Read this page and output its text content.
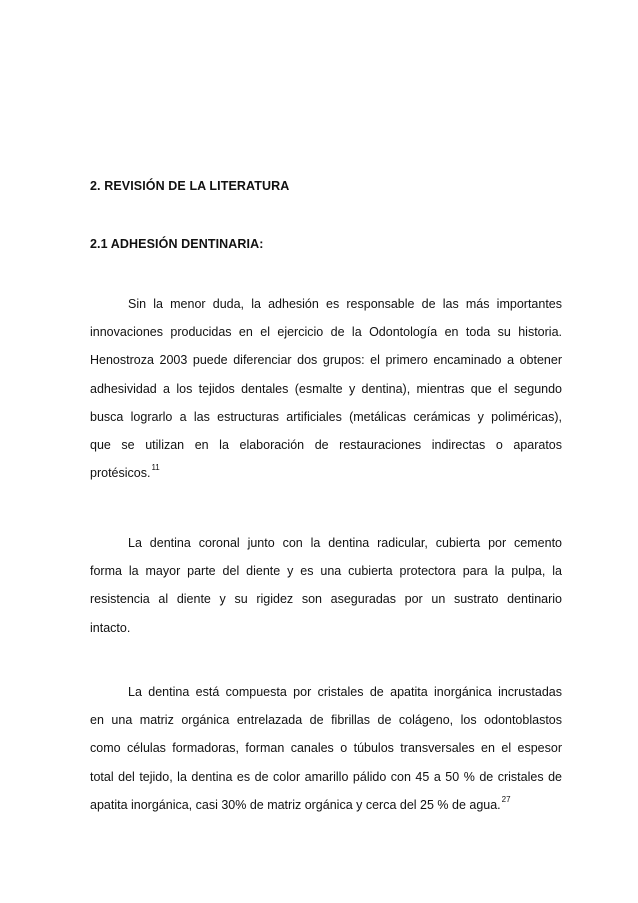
2. REVISIÓN DE LA LITERATURA
2.1 ADHESIÓN DENTINARIA:
Sin la menor duda, la adhesión es responsable de las más importantes
innovaciones producidas en el ejercicio de la Odontología en toda su historia.
Henostroza 2003 puede diferenciar dos grupos: el primero encaminado a obtener
adhesividad a los tejidos dentales (esmalte y dentina), mientras que el segundo
busca lograrlo a las estructuras artificiales (metálicas cerámicas y poliméricas),
que se utilizan en la elaboración de restauraciones indirectas o aparatos
protésicos.$^{11}$
La dentina coronal junto con la dentina radicular, cubierta por cemento
forma la mayor parte del diente y es una cubierta protectora para la pulpa, la
resistencia al diente y su rigidez son aseguradas por un sustrato dentinario
intacto.
La dentina está compuesta por cristales de apatita inorgánica incrustadas
en una matriz orgánica entrelazada de fibrillas de colágeno, los odontoblastos
como células formadoras, forman canales o túbulos transversales en el espesor
total del tejido, la dentina es de color amarillo pálido con 45 a 50 % de cristales de
apatita inorgánica, casi 30% de matriz orgánica y cerca del 25 % de agua.$^{27}$
